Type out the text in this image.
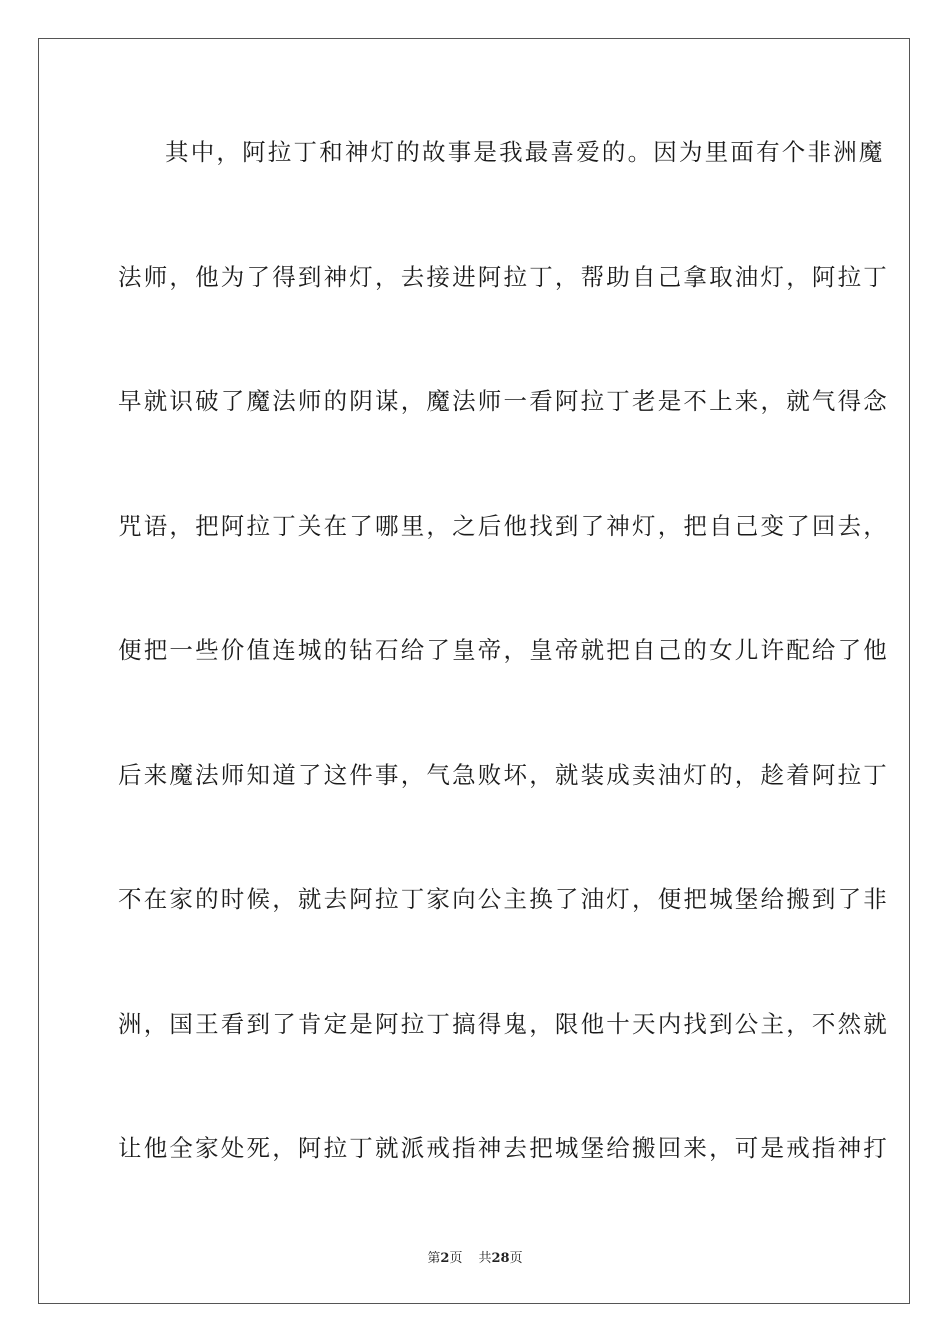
其中，阿拉丁和神灯的故事是我最喜爱的。因为里面有个非洲魔
法师，他为了得到神灯，去接进阿拉丁，帮助自己拿取油灯，阿拉丁
早就识破了魔法师的阴谋，魔法师一看阿拉丁老是不上来，就气得念
咒语，把阿拉丁关在了哪里，之后他找到了神灯，把自己变了回去，
便把一些价值连城的钻石给了皇帝，皇帝就把自己的女儿许配给了他
后来魔法师知道了这件事，气急败坏，就装成卖油灯的，趁着阿拉丁
不在家的时候，就去阿拉丁家向公主换了油灯，便把城堡给搬到了非
洲，国王看到了肯定是阿拉丁搞得鬼，限他十天内找到公主，不然就
让他全家处死，阿拉丁就派戒指神去把城堡给搬回来，可是戒指神打
第2页 共28页
